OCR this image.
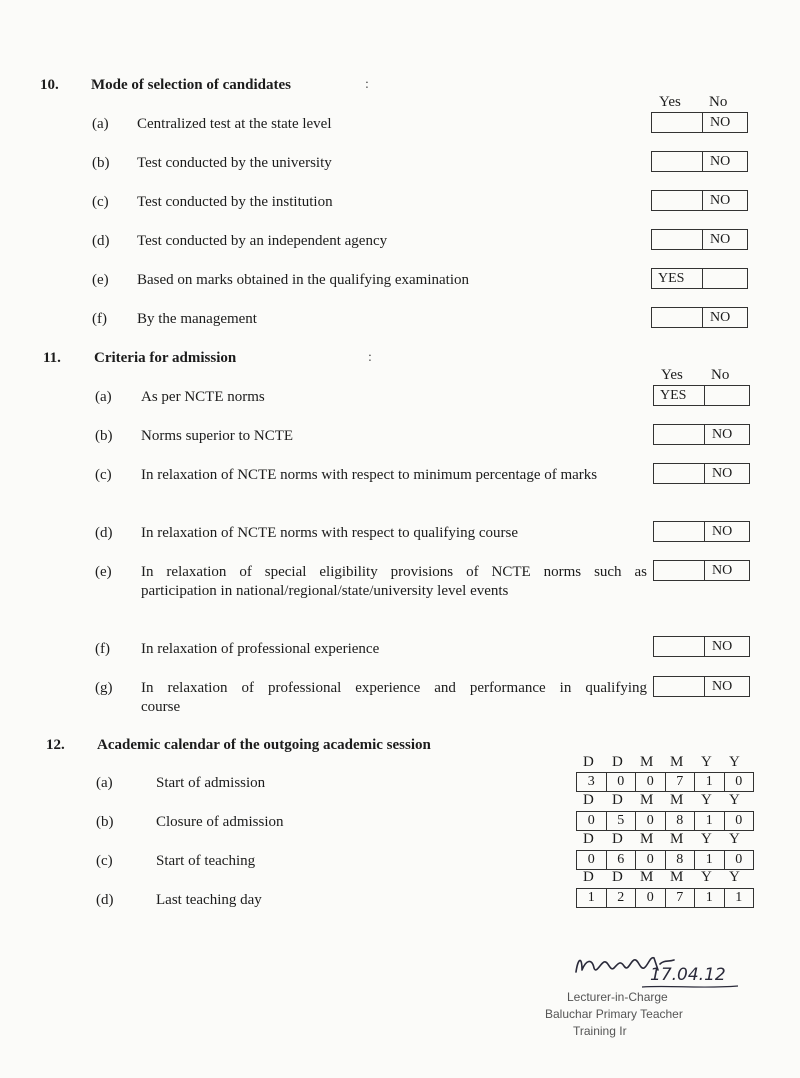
10. Mode of selection of candidates	:
Yes No
(a) Centralized test at the state level	NO
(b) Test conducted by the university	NO
(c) Test conducted by the institution	NO
(d) Test conducted by an independent agency	NO
(e) Based on marks obtained in the qualifying examination	YES
(f) By the management	NO
11. Criteria for admission	:
Yes No
(a) As per NCTE norms	YES
(b) Norms superior to NCTE	NO
(c) In relaxation of NCTE norms with respect to minimum percentage of marks	NO
(d) In relaxation of NCTE norms with respect to qualifying course	NO
(e) In relaxation of special eligibility provisions of NCTE norms such as
participation in national/regional/state/university level events
NO
(f) In relaxation of professional experience	NO
(g) In relaxation of professional experience and performance in qualifying
course
NO
12. Academic calendar of the outgoing academic session
D D M M Y Y
(a)	Start of admission	3	0	0	7	1	0
D D M M Y Y
(b)	Closure of admission	0	5	0	8	1	0
D D M M Y Y
(c)	Start of teaching	0	6	0	8	1	0
D D M M Y Y
(d)	Last teaching day	1	2	0	7	1	1
17.04.12
Lecturer-in-Charge
Baluchar Primary Teacher
Training Ir
